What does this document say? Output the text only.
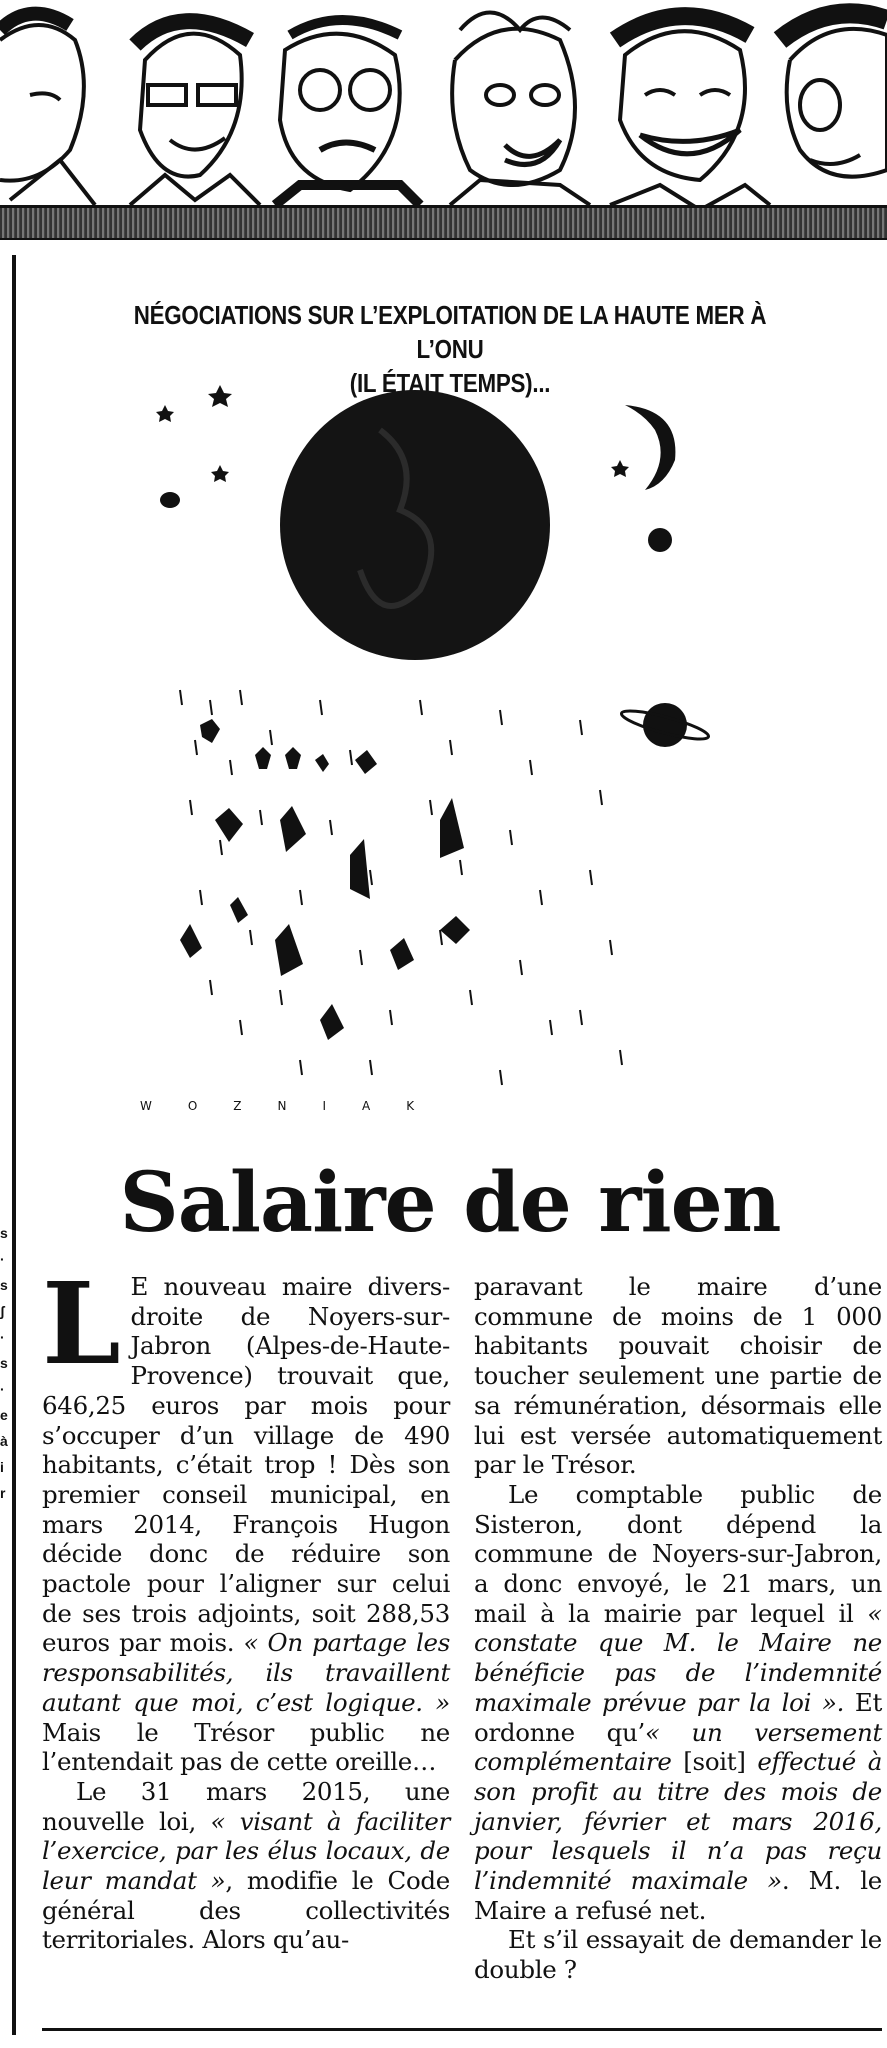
s
·
s
ʃ
·
s
·
e
à
i
r
NÉGOCIATIONS SUR L’EXPLOITATION DE LA HAUTE MER À L’ONU
(IL ÉTAIT TEMPS)...
WOZNIAK
Salaire de rien

L E nouveau maire divers-droite de Noyers-sur-Jabron (Alpes-de-Haute-Provence) trouvait que, 646,25 euros par mois pour s’occuper d’un village de 490 habitants, c’était trop ! Dès son premier conseil municipal, en mars 2014, François Hugon décide donc de réduire son pactole pour l’aligner sur celui de ses trois adjoints, soit 288,53 euros par mois. « On partage les responsabilités, ils travaillent autant que moi, c’est logique. » Mais le Trésor public ne l’entendait pas de cette oreille…

Le 31 mars 2015, une nouvelle loi, « visant à faciliter l’exercice, par les élus locaux, de leur mandat », modifie le Code général des collectivités territoriales. Alors qu’au-

paravant le maire d’une commune de moins de 1 000 habitants pouvait choisir de toucher seulement une partie de sa rémunération, désormais elle lui est versée automatiquement par le Trésor.

Le comptable public de Sisteron, dont dépend la commune de Noyers-sur-Jabron, a donc envoyé, le 21 mars, un mail à la mairie par lequel il « constate que M. le Maire ne bénéficie pas de l’indemnité maximale prévue par la loi ». Et ordonne qu’« un versement complémentaire [soit] effectué à son profit au titre des mois de janvier, février et mars 2016, pour lesquels il n’a pas reçu l’indemnité maximale ». M. le Maire a refusé net.

Et s’il essayait de demander le double ?
